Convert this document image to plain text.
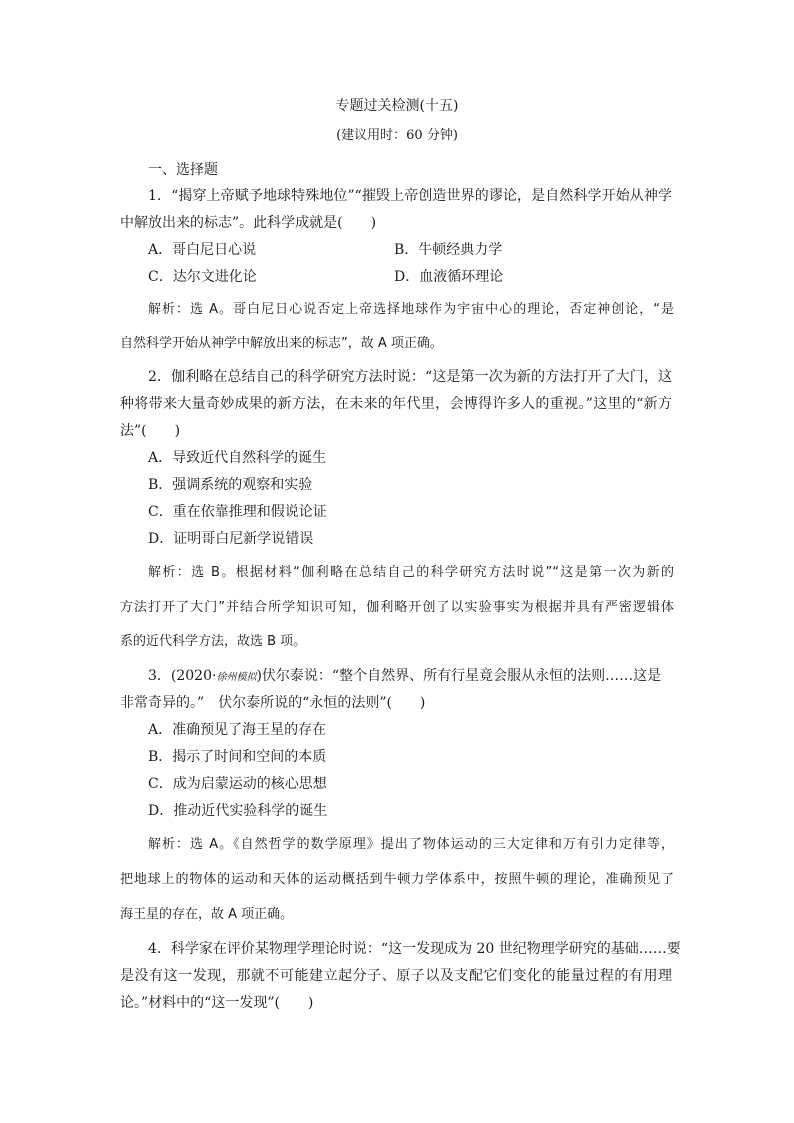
专题过关检测(十五)
(建议用时：60 分钟)
一、选择题
1．“揭穿上帝赋予地球特殊地位”“摧毁上帝创造世界的谬论，是自然科学开始从神学
中解放出来的标志”。此科学成就是(　　)
A．哥白尼日心说	B．牛顿经典力学
C．达尔文进化论	D．血液循环理论
解析：选 A。哥白尼日心说否定上帝选择地球作为宇宙中心的理论，否定神创论，“是
自然科学开始从神学中解放出来的标志”，故 A 项正确。
2．伽利略在总结自己的科学研究方法时说：“这是第一次为新的方法打开了大门，这
种将带来大量奇妙成果的新方法，在未来的年代里，会博得许多人的重视。”这里的“新方
法”(　　)
A．导致近代自然科学的诞生
B．强调系统的观察和实验
C．重在依靠推理和假说论证
D．证明哥白尼新学说错误
解析：选 B。根据材料“伽利略在总结自己的科学研究方法时说”“这是第一次为新的
方法打开了大门”并结合所学知识可知，伽利略开创了以实验事实为根据并具有严密逻辑体
系的近代科学方法，故选 B 项。
3．(2020·徐州模拟)伏尔泰说：“整个自然界、所有行星竟会服从永恒的法则……这是
非常奇异的。”　伏尔泰所说的“永恒的法则”(　　)
A．准确预见了海王星的存在
B．揭示了时间和空间的本质
C．成为启蒙运动的核心思想
D．推动近代实验科学的诞生
解析：选 A。《自然哲学的数学原理》提出了物体运动的三大定律和万有引力定律等，
把地球上的物体的运动和天体的运动概括到牛顿力学体系中，按照牛顿的理论，准确预见了
海王星的存在，故 A 项正确。
4．科学家在评价某物理学理论时说：“这一发现成为 20 世纪物理学研究的基础……要
是没有这一发现，那就不可能建立起分子、原子以及支配它们变化的能量过程的有用理
论。”材料中的“这一发现”(　　)
